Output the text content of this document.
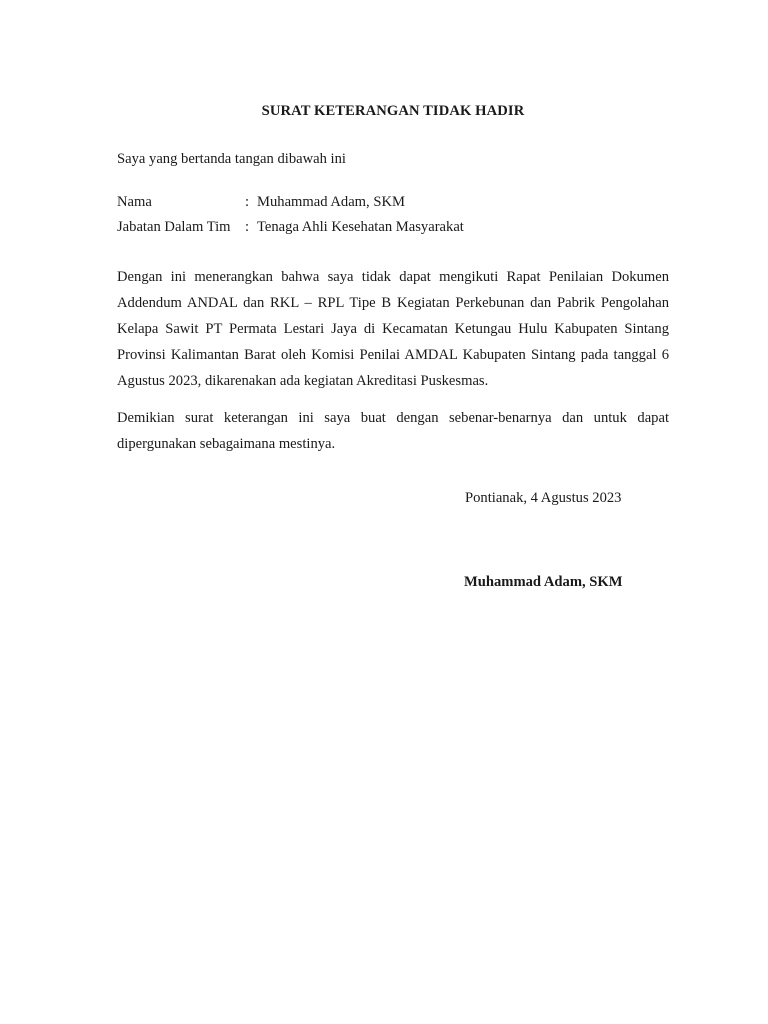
SURAT KETERANGAN TIDAK HADIR
Saya yang bertanda tangan dibawah ini
Nama	: Muhammad Adam, SKM
Jabatan Dalam Tim : Tenaga Ahli Kesehatan Masyarakat
Dengan ini menerangkan bahwa saya tidak dapat mengikuti Rapat Penilaian Dokumen Addendum ANDAL dan RKL – RPL Tipe B Kegiatan Perkebunan dan Pabrik Pengolahan Kelapa Sawit PT Permata Lestari Jaya di Kecamatan Ketungau Hulu Kabupaten Sintang Provinsi Kalimantan Barat oleh Komisi Penilai AMDAL Kabupaten Sintang pada tanggal 6 Agustus 2023, dikarenakan ada kegiatan Akreditasi Puskesmas.
Demikian surat keterangan ini saya buat dengan sebenar-benarnya dan untuk dapat dipergunakan sebagaimana mestinya.
Pontianak, 4 Agustus 2023
Muhammad Adam, SKM
